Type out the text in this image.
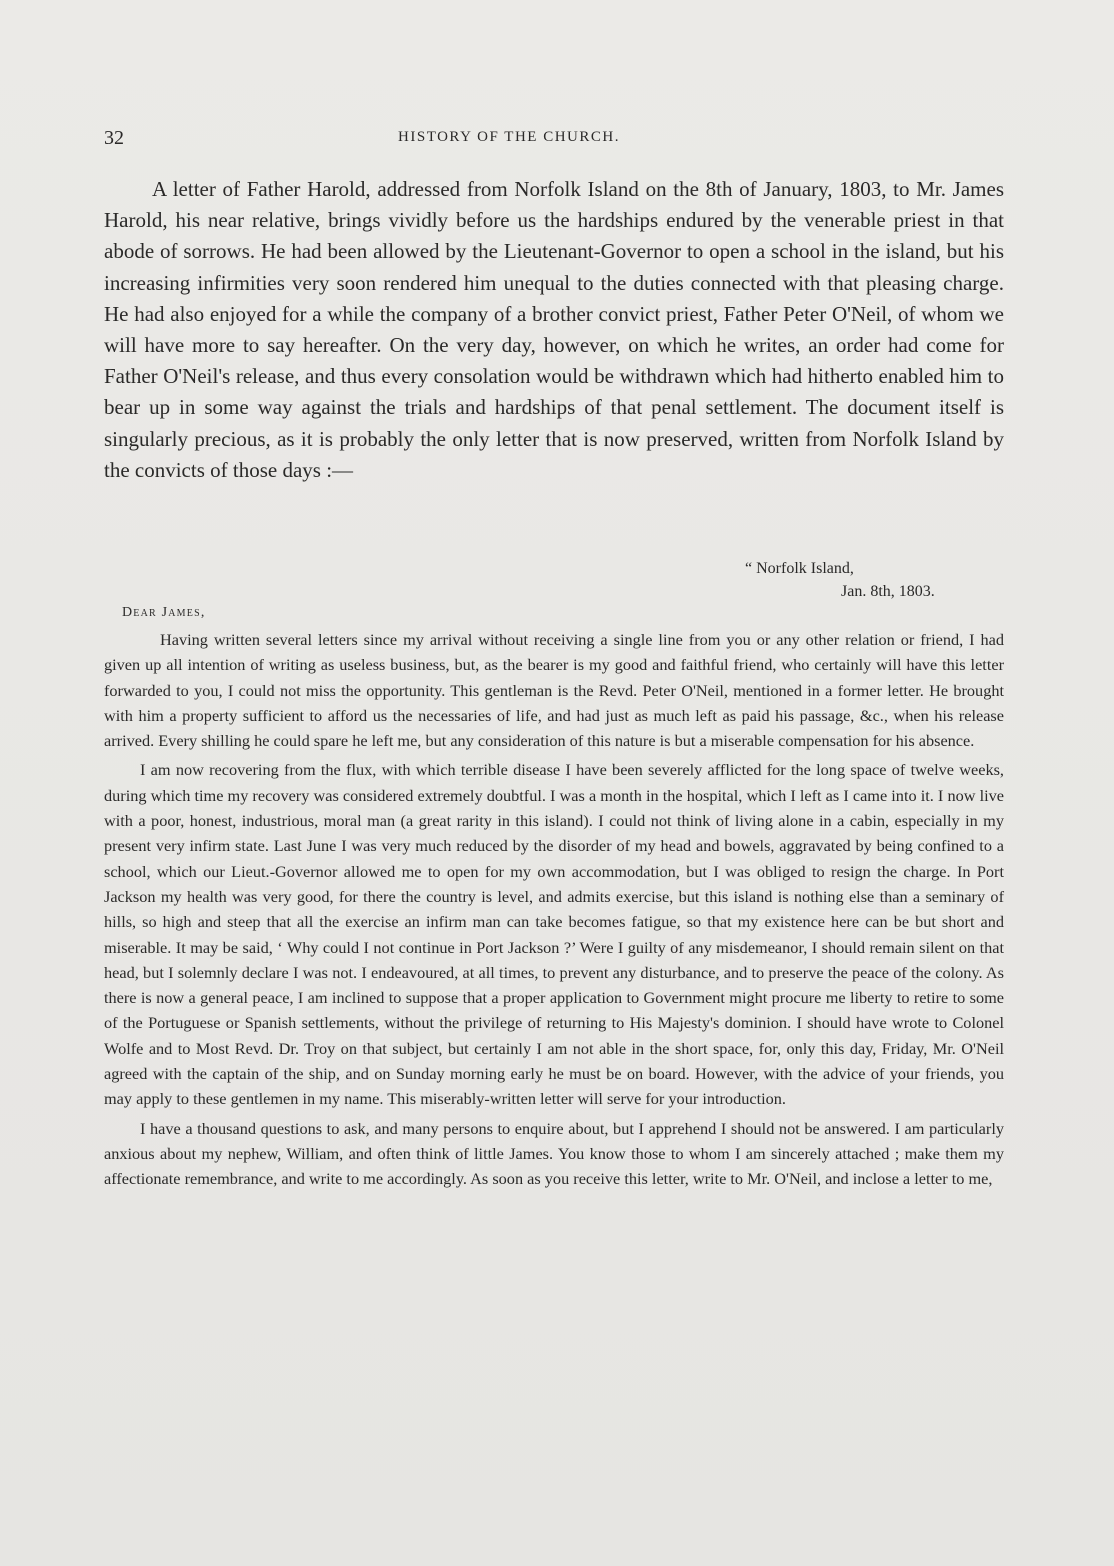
32	HISTORY OF THE CHURCH.

A letter of Father Harold, addressed from Norfolk Island on the 8th of January, 1803, to Mr. James Harold, his near relative, brings vividly before us the hardships endured by the venerable priest in that abode of sorrows. He had been allowed by the Lieutenant-Governor to open a school in the island, but his increasing infirmities very soon rendered him unequal to the duties connected with that pleasing charge. He had also enjoyed for a while the company of a brother convict priest, Father Peter O'Neil, of whom we will have more to say hereafter. On the very day, however, on which he writes, an order had come for Father O'Neil's release, and thus every consolation would be withdrawn which had hitherto enabled him to bear up in some way against the trials and hardships of that penal settlement. The document itself is singularly precious, as it is probably the only letter that is now preserved, written from Norfolk Island by the convicts of those days :—

“ Norfolk Island,
Jan. 8th, 1803.
Dear James,

Having written several letters since my arrival without receiving a single line from you or any other relation or friend, I had given up all intention of writing as useless business, but, as the bearer is my good and faithful friend, who certainly will have this letter forwarded to you, I could not miss the opportunity. This gentleman is the Revd. Peter O'Neil, mentioned in a former letter. He brought with him a property sufficient to afford us the necessaries of life, and had just as much left as paid his passage, &c., when his release arrived. Every shilling he could spare he left me, but any consideration of this nature is but a miserable compensation for his absence.

I am now recovering from the flux, with which terrible disease I have been severely afflicted for the long space of twelve weeks, during which time my recovery was considered extremely doubtful. I was a month in the hospital, which I left as I came into it. I now live with a poor, honest, industrious, moral man (a great rarity in this island). I could not think of living alone in a cabin, especially in my present very infirm state. Last June I was very much reduced by the disorder of my head and bowels, aggravated by being confined to a school, which our Lieut.-Governor allowed me to open for my own accommodation, but I was obliged to resign the charge. In Port Jackson my health was very good, for there the country is level, and admits exercise, but this island is nothing else than a seminary of hills, so high and steep that all the exercise an infirm man can take becomes fatigue, so that my existence here can be but short and miserable. It may be said, ‘ Why could I not continue in Port Jackson ?’ Were I guilty of any misdemeanor, I should remain silent on that head, but I solemnly declare I was not. I endeavoured, at all times, to prevent any disturbance, and to preserve the peace of the colony. As there is now a general peace, I am inclined to suppose that a proper application to Government might procure me liberty to retire to some of the Portuguese or Spanish settlements, without the privilege of returning to His Majesty's dominion. I should have wrote to Colonel Wolfe and to Most Revd. Dr. Troy on that subject, but certainly I am not able in the short space, for, only this day, Friday, Mr. O'Neil agreed with the captain of the ship, and on Sunday morning early he must be on board. However, with the advice of your friends, you may apply to these gentlemen in my name. This miserably-written letter will serve for your introduction.

I have a thousand questions to ask, and many persons to enquire about, but I apprehend I should not be answered. I am particularly anxious about my nephew, William, and often think of little James. You know those to whom I am sincerely attached ; make them my affectionate remembrance, and write to me accordingly. As soon as you receive this letter, write to Mr. O'Neil, and inclose a letter to me,
